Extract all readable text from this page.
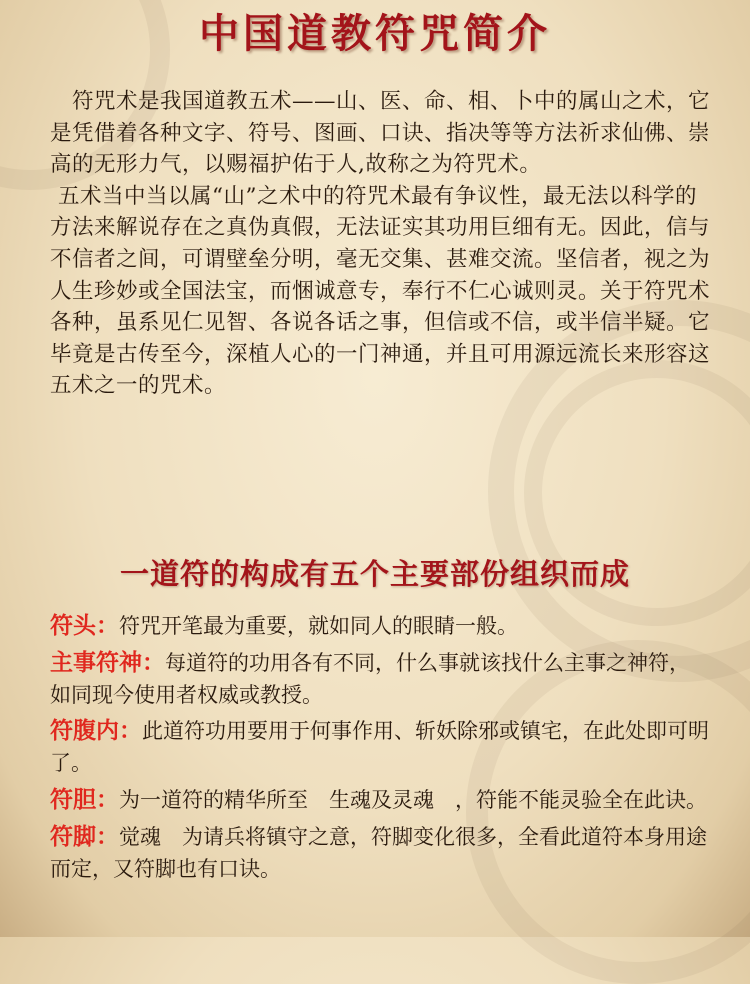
中国道教符咒简介

符咒术是我国道教五术——山、医、命、相、卜中的属山之术，它是凭借着各种文字、符号、图画、口诀、指决等等方法祈求仙佛、崇高的无形力气，以赐福护佑于人,故称之为符咒术。

五术当中当以属“山”之术中的符咒术最有争议性，最无法以科学的方法来解说存在之真伪真假，无法证实其功用巨细有无。因此，信与不信者之间，可谓壁垒分明，毫无交集、甚难交流。坚信者，视之为人生珍妙或全国法宝，而悃诚意专，奉行不仁心诚则灵。关于符咒术各种，虽系见仁见智、各说各话之事，但信或不信，或半信半疑。它毕竟是古传至今，深植人心的一门神通，并且可用源远流长来形容这五术之一的咒术。

一道符的构成有五个主要部份组织而成

符头：符咒开笔最为重要，就如同人的眼睛一般。

主事符神：每道符的功用各有不同，什么事就该找什么主事之神符，如同现今使用者权威或教授。

符腹内：此道符功用要用于何事作用、斩妖除邪或镇宅，在此处即可明了。

符胆：为一道符的精华所至　生魂及灵魂　，符能不能灵验全在此诀。

符脚：觉魂　为请兵将镇守之意，符脚变化很多，全看此道符本身用途而定，又符脚也有口诀。
